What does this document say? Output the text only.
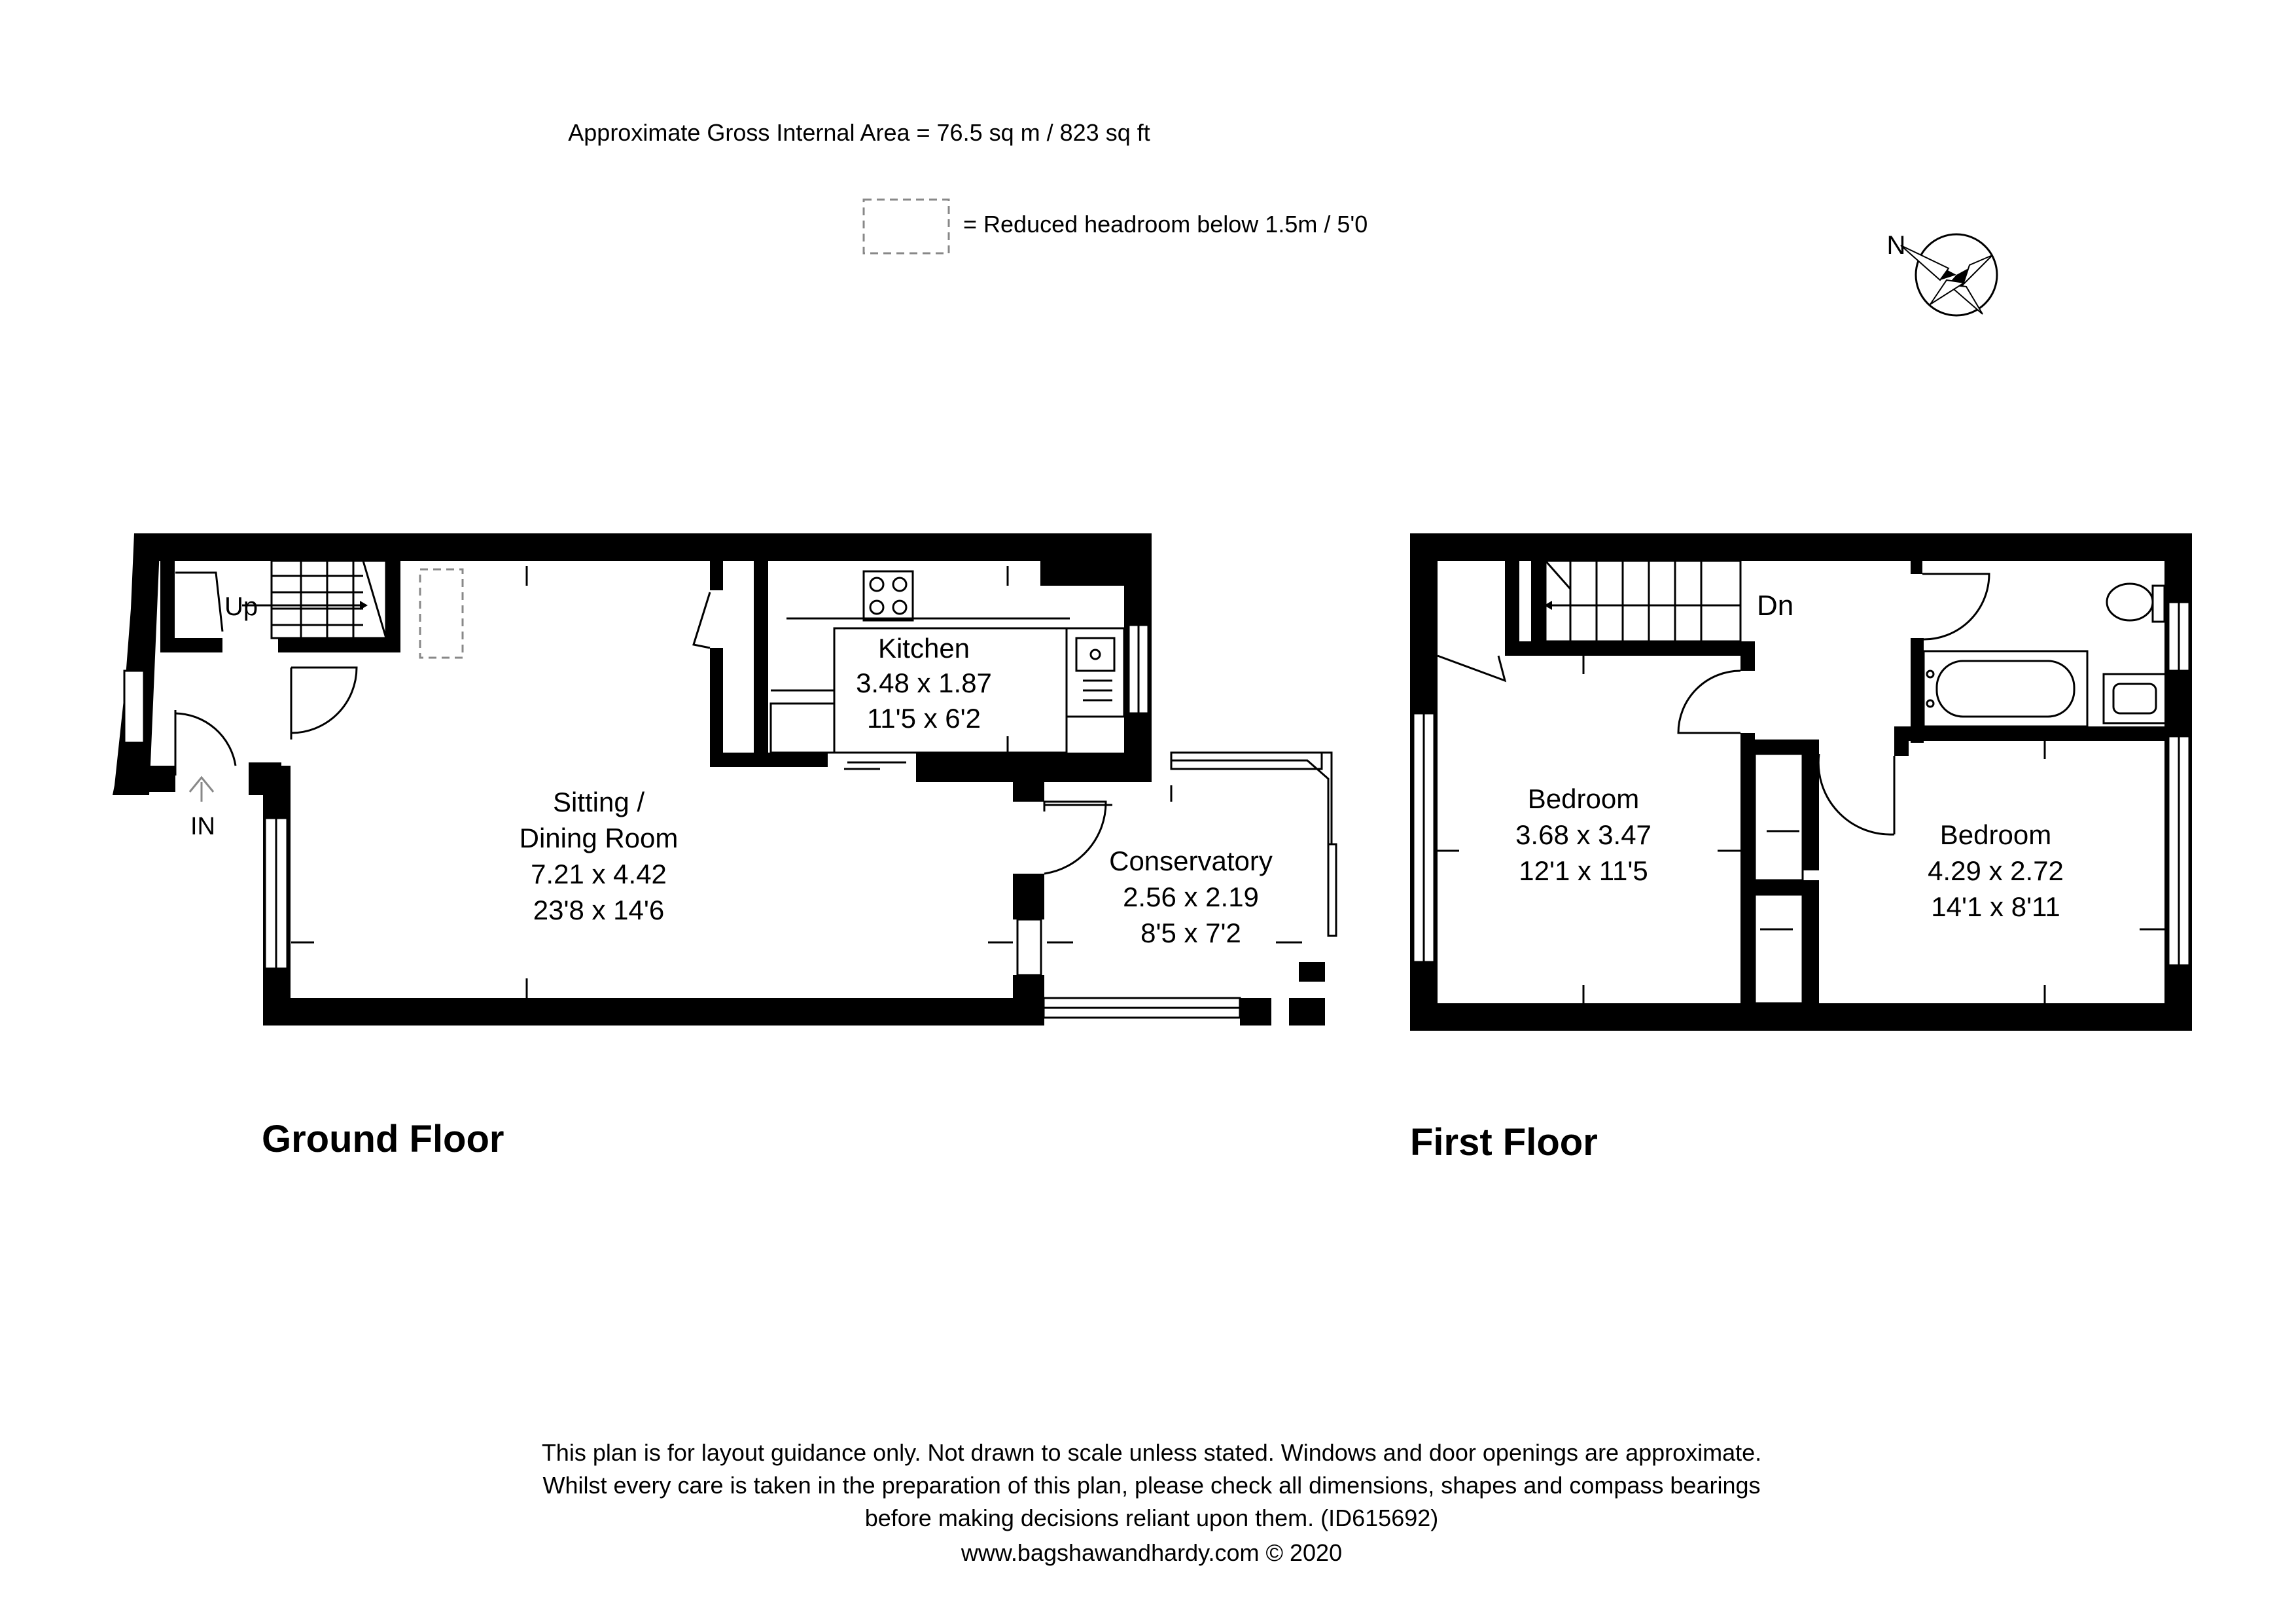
Approximate Gross Internal Area = 76.5 sq m / 823 sq ft
= Reduced headroom below 1.5m / 5'0
N
Kitchen
3.48 x 1.87
11'5 x 6'2
Sitting /
Dining Room
7.21 x 4.42
23'8 x 14'6
Conservatory
2.56 x 2.19
8'5 x 7'2
Up
IN
Ground Floor
Dn
Bedroom
3.68 x 3.47
12'1 x 11'5
Bedroom
4.29 x 2.72
14'1 x 8'11
First Floor
This plan is for layout guidance only. Not drawn to scale unless stated. Windows and door openings are approximate.
Whilst every care is taken in the preparation of this plan, please check all dimensions, shapes and compass bearings
before making decisions reliant upon them. (ID615692)
www.bagshawandhardy.com © 2020
